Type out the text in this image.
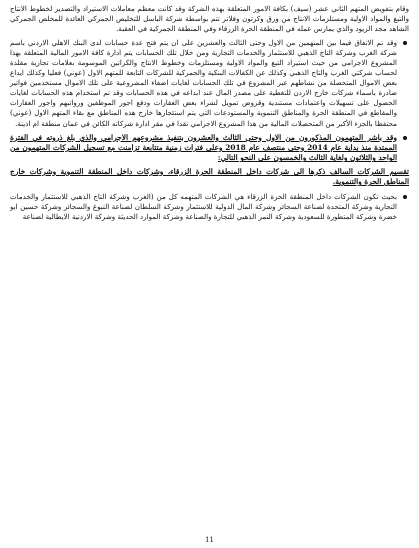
وقام بتفويض المتهم الثاني عشر (سيف) بكافة الامور المتعلقة بهذه الشركة وقد كانت معظم معاملات الاستيراد والتصدير لخطوط الانتاج والتبغ والمواد الاولية ومستلزمات الانتاج من ورق وكرتون وفلاتر تتم بواسطة شركة الباسل للتخليص الجمركي العائدة للمخلص الجمركي الشاهد مجد الزيود والذي يمارس عمله في المنطقة الحرة الزرقاء وفي المنطقة الجمركية في العقبة.

وقد تم الاتفاق فيما بين المتهمين من الاول وحتى الثالث والعشرين على ان يتم فتح عدة حسابات لدى البنك الاهلي الاردني باسم شركة الغرب وشركة التاج الذهبي للاستثمار والخدمات التجارية ومن خلال تلك الحسابات يتم ادارة كافة الامور المالية المتعلقة بهذا المشروع الاجرامي من حيث استيراد التبغ والمواد الاولية ومستلزمات وخطوط الانتاج والكراتين الموسومة بعلامات تجارية مقلدة لحساب شركتي الغرب والتاج الذهبي وكذلك عن الكفالات البنكية والجمركية للشركات التابعة للمتهم الاول (عوني) فعليا وكذلك ايداع بعض الاموال المتحصلة من نشاطهم عبر المشروع في تلك الحسابات لغايات اضفاء المشروعية على تلك الاموال مستخدمين فواتير صادرة باسماء شركات خارج الاردن للتغطية على مصدر المال عند ابداعه في هذه الحسابات وقد تم استخدام هذه الحسابات لغايات الحصول على تسهيلات واعتمادات مستندية وقروض تمويل لشراء بعض العقارات ودفع اجور الموظفين ورواتبهم واجور العقارات والمقاطع في المنطقة الحرة والمناطق التنموية والمستودعات التي يتم استئجارها خارج هذه المناطق مع بقاء المتهم الاول (عوني) محتفظا بالجزء الأكبر من المتحصلات المالية من هذا المشروع الاجرامي نقدا في مقر ادارة شركاته الكائن في عمان منطقة ام اذينة.

وقد باشر المتهمون المذكورون من الاول وحتى الثالث والعشرون بتنفيذ مشروعهم الاجرامي والذي بلغ ذروته في الفترة الممتدة منذ بداية عام 2014 وحتى منتصف عام 2018 وعلى فترات زمنية متتابعة تزامنت مع تسجيل الشركات المتهمون من الواحد والثلاثون ولغاية الثالث والخمسون على النحو التالي:

تقسيم الشركات السالف ذكرها الى شركات داخل المنطقة الحرة الزرقاء، وشركات داخل المنطقة التنموية وشركات خارج المناطق الحرة والتنموية.

بحيث تكون الشركات داخل المنطقة الحرة الزرقاء هي الشركات المتهمه كل من (الغرب وشركة التاج الذهبي للاستثمار والخدمات التجارية وشركة المتحدة لصناعة السجائر وشركة المال الدولية للاستثمار وشركة السلطان لصناعة التبوغ والسجائر وشركة حسين ابو خضرة وشركة المتطورة للسعودية وشركة النمر الذهبي للتجارة والصناعة وشركة الموارد الحديثة وشركة الاردنية الايطالية لصناعة
11
